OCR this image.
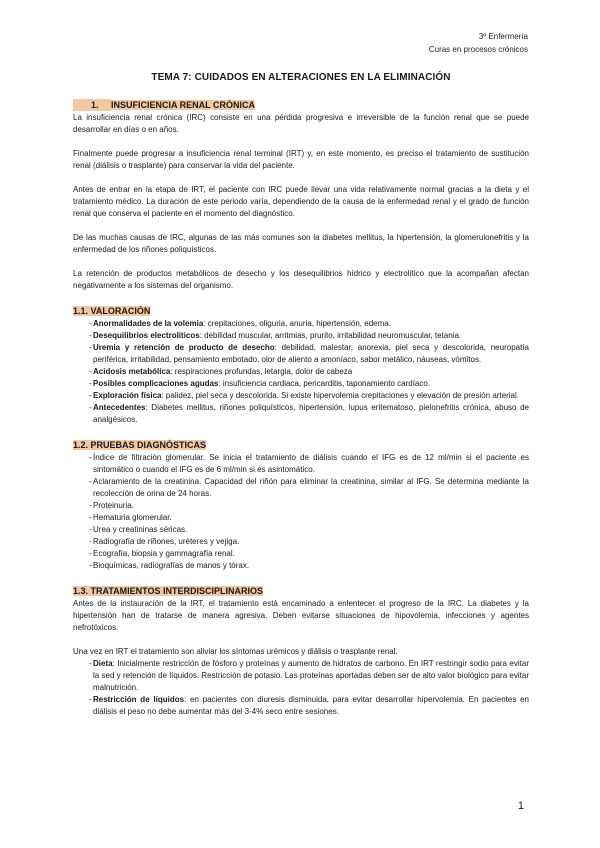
3º Enfermería
Curas en procesos crónicos
TEMA 7: CUIDADOS EN ALTERACIONES EN LA ELIMINACIÓN
1. INSUFICIENCIA RENAL CRÓNICA

La insuficiencia renal crónica (IRC) consiste en una pérdida progresiva e irreversible de la función renal que se puede desarrollar en días o en años.

Finalmente puede progresar a insuficiencia renal terminal (IRT) y, en este momento, es preciso el tratamiento de sustitución renal (diálisis o trasplante) para conservar la vida del paciente.

Antes de entrar en la etapa de IRT, el paciente con IRC puede llevar una vida relativamente normal gracias a la dieta y el tratamiento médico. La duración de este periodo varía, dependiendo de la causa de la enfermedad renal y el grado de función renal que conserva el paciente en el momento del diagnóstico.

De las muchas causas de IRC, algunas de las más comunes son la diabetes mellitus, la hipertensión, la glomerulonefritis y la enfermedad de los riñones poliquísticos.

La retención de productos metabólicos de desecho y los desequilibrios hídrico y electrolítico que la acompañan afectan negativamente a los sistemas del organismo.

1.1. VALORACIÓN
- Anormalidades de la volemia: crepitaciones, oliguria, anuria, hipertensión, edema.
- Desequilibrios electrolíticos: debilidad muscular, arritmias, prurito, irritabilidad neuromuscular, tetania.
- Uremia y retención de producto de desecho: debilidad, malestar, anorexia, piel seca y descolorida, neuropatía periférica, irritabilidad, pensamiento embotado, olor de aliento a amoníaco, sabor metálico, náuseas, vómitos.
- Acidosis metabólica: respiraciones profundas, letargia, dolor de cabeza
- Posibles complicaciones agudas: insuficiencia cardiaca, pericarditis, taponamiento cardíaco.
- Exploración física: palidez, piel seca y descolorida. Si existe hipervolemia crepitaciones y elevación de presión arterial.
- Antecedentes: Diabetes mellitus, riñones poliquísticos, hipertensión, lupus eritematoso, pielonefritis crónica, abuso de analgésicos.
1.2. PRUEBAS DIAGNÓSTICAS
- Índice de filtración glomerular. Se inicia el tratamiento de diálisis cuando el IFG es de 12 ml/min si el paciente es sintomático o cuando el IFG es de 6 ml/min si es asintomático.
- Aclaramiento de la creatinina. Capacidad del riñón para eliminar la creatinina, similar al IFG. Se determina mediante la recolección de orina de 24 horas.
- Proteinuria.
- Hematuria glomerular.
- Urea y creatininas séricas.
- Radiografía de riñones, uréteres y vejiga.
- Ecografía, biopsia y gammagrafía renal.
- Bioquímicas, radiografías de manos y tórax.
1.3. TRATAMIENTOS INTERDISCIPLINARIOS

Antes de la instauración de la IRT, el tratamiento está encaminado a enlentecer el progreso de la IRC. La diabetes y la hipertensión han de tratarse de manera agresiva. Deben evitarse situaciones de hipovolemia, infecciones y agentes nefrotóxicos.

Una vez en IRT el tratamiento son aliviar los síntomas urémicos y diálisis o trasplante renal.

- Dieta: Inicialmente restricción de fósforo y proteínas y aumento de hidratos de carbono. En IRT restringir sodio para evitar la sed y retención de líquidos. Restricción de potasio. Las proteínas aportadas deben ser de alto valor biológico para evitar malnutrición.
- Restricción de líquidos: en pacientes con diuresis disminuida, para evitar desarrollar hipervolemia. En pacientes en diálisis el peso no debe aumentar más del 3-4% seco entre sesiones.
1
